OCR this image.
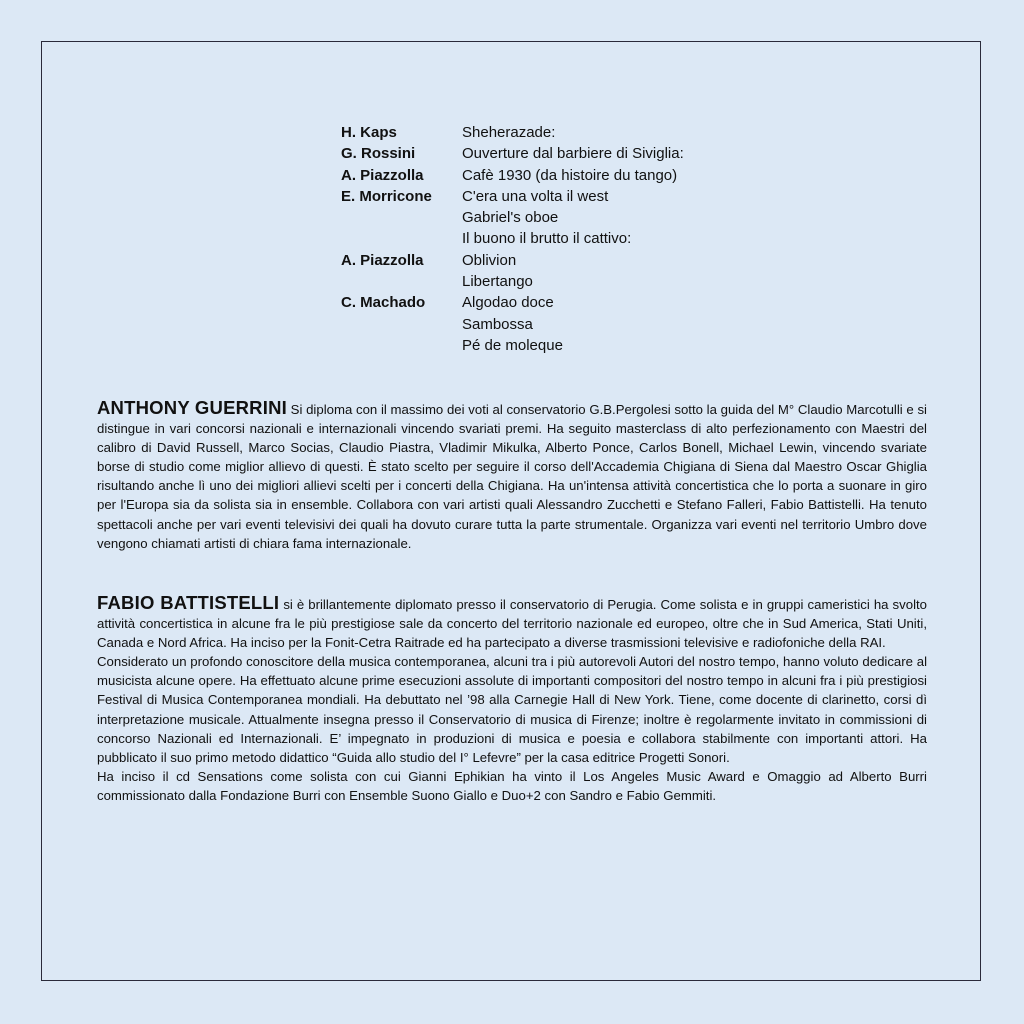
H. Kaps	Sheherazade:
G. Rossini	Ouverture dal barbiere di Siviglia:
A. Piazzolla	Cafè 1930 (da histoire du tango)
E. Morricone	C'era una volta il west
Gabriel's oboe
Il buono il brutto il cattivo:
A. Piazzolla	Oblivion
Libertango
C. Machado	Algodao doce
Sambossa
Pé de moleque

ANTHONY GUERRINI Si diploma con il massimo dei voti al conservatorio G.B.Pergolesi sotto la guida del M° Claudio Marcotulli e si distingue in vari concorsi nazionali e internazionali vincendo svariati premi. Ha seguito masterclass di alto perfezionamento con Maestri del calibro di David Russell, Marco Socias, Claudio Piastra, Vladimir Mikulka, Alberto Ponce, Carlos Bonell, Michael Lewin, vincendo svariate borse di studio come miglior allievo di questi. È stato scelto per seguire il corso dell'Accademia Chigiana di Siena dal Maestro Oscar Ghiglia risultando anche lì uno dei migliori allievi scelti per i concerti della Chigiana. Ha un'intensa attività concertistica che lo porta a suonare in giro per l'Europa sia da solista sia in ensemble. Collabora con vari artisti quali Alessandro Zucchetti e Stefano Falleri, Fabio Battistelli. Ha tenuto spettacoli anche per vari eventi televisivi dei quali ha dovuto curare tutta la parte strumentale. Organizza vari eventi nel territorio Umbro dove vengono chiamati artisti di chiara fama internazionale.

FABIO BATTISTELLI si è brillantemente diplomato presso il conservatorio di Perugia. Come solista e in gruppi cameristici ha svolto attività concertistica in alcune fra le più prestigiose sale da concerto del territorio nazionale ed europeo, oltre che in Sud America, Stati Uniti, Canada e Nord Africa. Ha inciso per la Fonit-Cetra Raitrade ed ha partecipato a diverse trasmissioni televisive e radiofoniche della RAI.

Considerato un profondo conoscitore della musica contemporanea, alcuni tra i più autorevoli Autori del nostro tempo, hanno voluto dedicare al musicista alcune opere. Ha effettuato alcune prime esecuzioni assolute di importanti compositori del nostro tempo in alcuni fra i più prestigiosi Festival di Musica Contemporanea mondiali. Ha debuttato nel ’98 alla Carnegie Hall di New York. Tiene, come docente di clarinetto, corsi dì interpretazione musicale. Attualmente insegna presso il Conservatorio di musica di Firenze; inoltre è regolarmente invitato in commissioni di concorso Nazionali ed Internazionali. E’ impegnato in produzioni di musica e poesia e collabora stabilmente con importanti attori. Ha pubblicato il suo primo metodo didattico “Guida allo studio del I° Lefevre” per la casa editrice Progetti Sonori.

Ha inciso il cd Sensations come solista con cui Gianni Ephikian ha vinto il Los Angeles Music Award e Omaggio ad Alberto Burri commissionato dalla Fondazione Burri con Ensemble Suono Giallo e Duo+2 con Sandro e Fabio Gemmiti.
